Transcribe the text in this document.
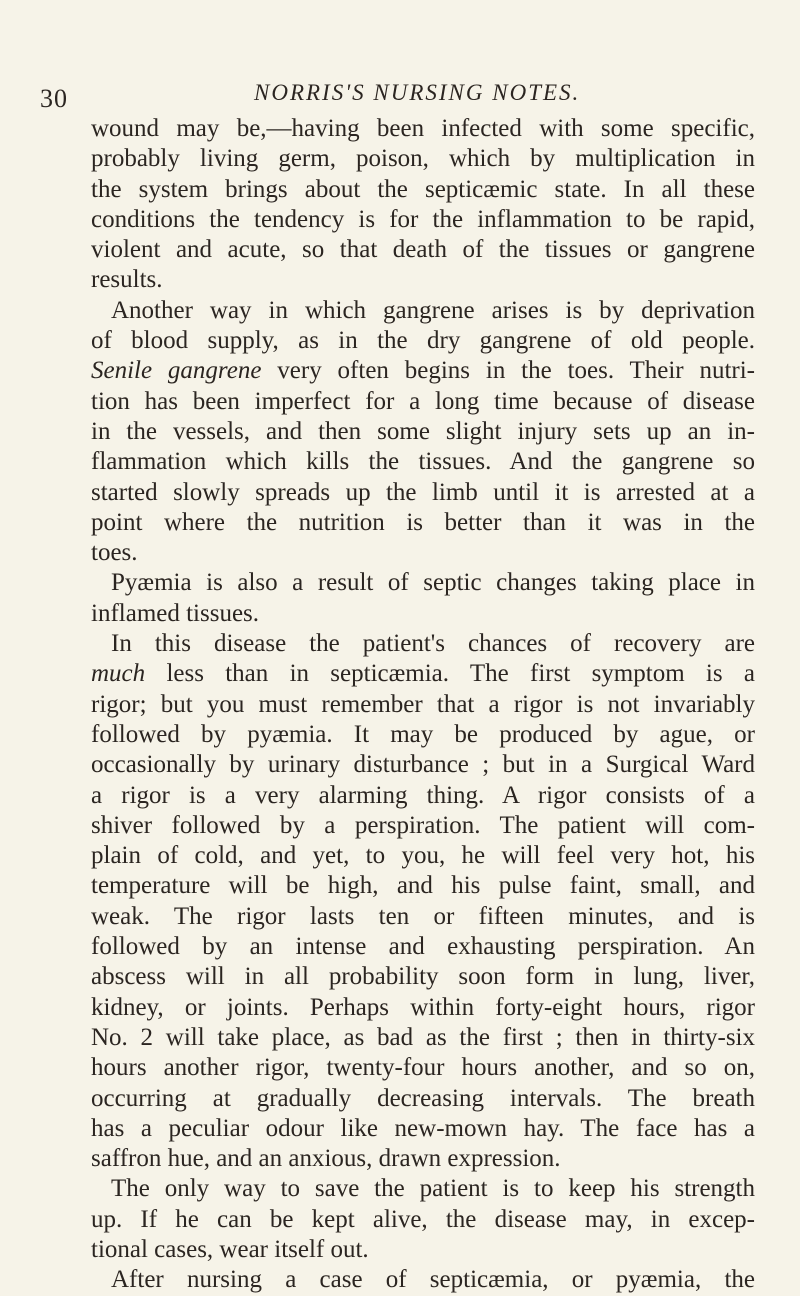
30	NORRIS'S NURSING NOTES.
wound may be,—having been infected with some specific,
probably living germ, poison, which by multiplication in
the system brings about the septicæmic state. In all these
conditions the tendency is for the inflammation to be rapid,
violent and acute, so that death of the tissues or gangrene
results.
Another way in which gangrene arises is by deprivation
of blood supply, as in the dry gangrene of old people.
Senile gangrene very often begins in the toes. Their nutri-
tion has been imperfect for a long time because of disease
in the vessels, and then some slight injury sets up an in-
flammation which kills the tissues. And the gangrene so
started slowly spreads up the limb until it is arrested at a
point where the nutrition is better than it was in the
toes.
Pyæmia is also a result of septic changes taking place in
inflamed tissues.
In this disease the patient's chances of recovery are
much less than in septicæmia. The first symptom is a
rigor; but you must remember that a rigor is not invariably
followed by pyæmia. It may be produced by ague, or
occasionally by urinary disturbance ; but in a Surgical Ward
a rigor is a very alarming thing. A rigor consists of a
shiver followed by a perspiration. The patient will com-
plain of cold, and yet, to you, he will feel very hot, his
temperature will be high, and his pulse faint, small, and
weak. The rigor lasts ten or fifteen minutes, and is
followed by an intense and exhausting perspiration. An
abscess will in all probability soon form in lung, liver,
kidney, or joints. Perhaps within forty-eight hours, rigor
No. 2 will take place, as bad as the first ; then in thirty-six
hours another rigor, twenty-four hours another, and so on,
occurring at gradually decreasing intervals. The breath
has a peculiar odour like new-mown hay. The face has a
saffron hue, and an anxious, drawn expression.
The only way to save the patient is to keep his strength
up. If he can be kept alive, the disease may, in excep-
tional cases, wear itself out.
After nursing a case of septicæmia, or pyæmia, the
